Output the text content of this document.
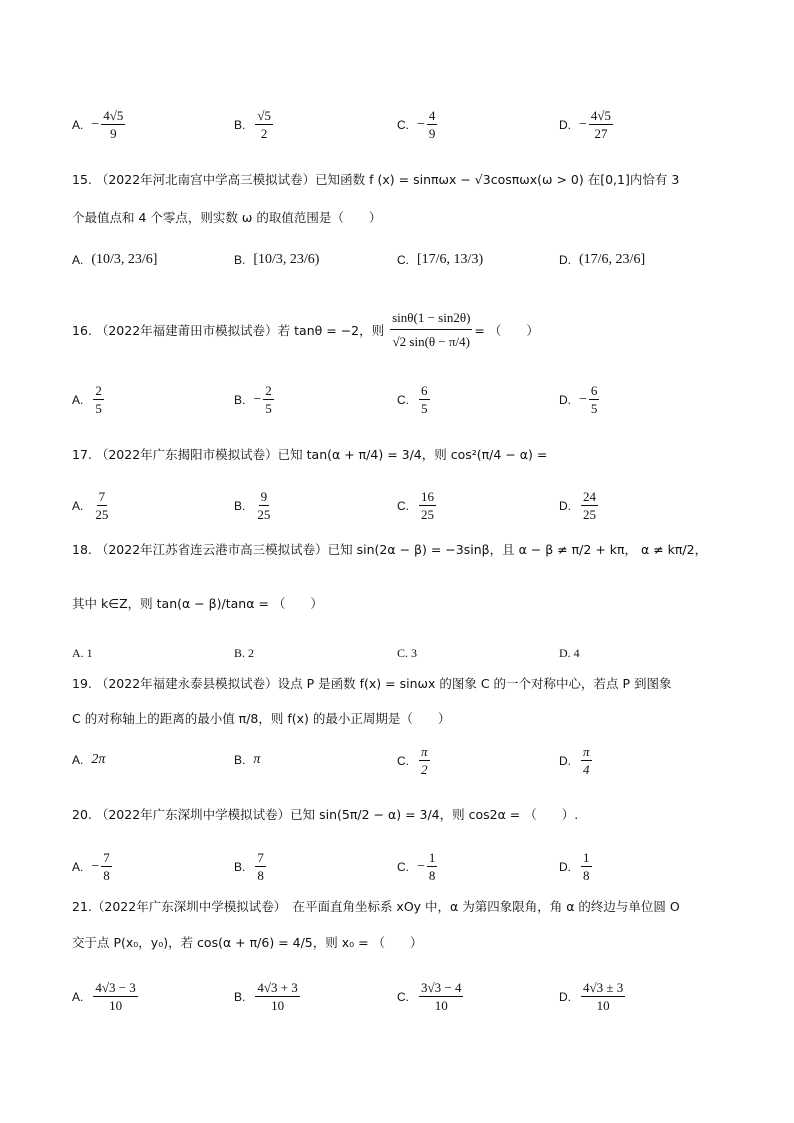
A. − $\frac{4√5}{9}$	B. $\frac{√5}{2}$	C. − $\frac{4}{9}$	D. − $\frac{4√5}{27}$
15. （2022年河北南宫中学高三模拟试卷）已知函数 f (x) = sinπωx − √3cosπωx(ω > 0) 在[0,1]内恰有 3
个最值点和 4 个零点，则实数 ω 的取值范围是（　　）
A. (10/3, 23/6]	B. [10/3, 23/6)	C. [17/6, 13/3)	D. (17/6, 23/6]
16. （2022年福建莆田市模拟试卷）若 tanθ = −2，则 $\frac{\sin\theta(1 - \sin 2\theta)}{√2 \sin(\theta - \pi/4)}$ = （　　）
A. $\frac{2}{5}$	B. − $\frac{2}{5}$	C. $\frac{6}{5}$	D. − $\frac{6}{5}$
17. （2022年广东揭阳市模拟试卷）已知 tan(α + π/4) = 3/4，则 cos²(π/4 − α) =
A. $\frac{7}{25}$	B. $\frac{9}{25}$	C. $\frac{16}{25}$	D. $\frac{24}{25}$
18. （2022年江苏省连云港市高三模拟试卷）已知 sin(2α − β) = −3sinβ，且 α − β ≠ π/2 + kπ， α ≠ kπ/2，
其中 k∈Z，则 tan(α − β)/tanα = （　　）
A. 1	B. 2	C. 3	D. 4
19. （2022年福建永泰县模拟试卷）设点 P 是函数 f(x) = sinωx 的图象 C 的一个对称中心，若点 P 到图象
C 的对称轴上的距离的最小值 π/8，则 f(x) 的最小正周期是（　　）
A. 2π	B. π	C. $\frac{\pi}{2}$	D. $\frac{\pi}{4}$
20. （2022年广东深圳中学模拟试卷）已知 sin(5π/2 − α) = 3/4，则 cos2α = （　　）.
A. − $\frac{7}{8}$	B. $\frac{7}{8}$	C. − $\frac{1}{8}$	D. $\frac{1}{8}$
21.（2022年广东深圳中学模拟试卷）　在平面直角坐标系 xOy 中，α 为第四象限角，角 α 的终边与单位圆 O
交于点 P(x₀，y₀)，若 cos(α + π/6) = 4/5，则 x₀ = （　　）
A. $\frac{4√3 - 3}{10}$	B. $\frac{4√3 + 3}{10}$	C. $\frac{3√3 - 4}{10}$	D. $\frac{4√3 \pm 3}{10}$
